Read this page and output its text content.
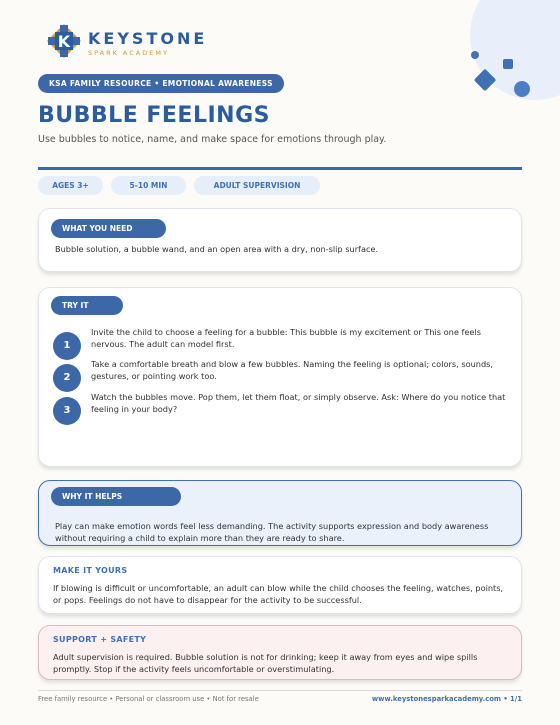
K KEYSTONE
SPARK ACADEMY
KSA FAMILY RESOURCE • EMOTIONAL AWARENESS
BUBBLE FEELINGS
Use bubbles to notice, name, and make space for emotions through play.
AGES 3+	5-10 MIN	ADULT SUPERVISION
WHAT YOU NEED
Bubble solution, a bubble wand, and an open area with a dry, non-slip surface.
TRY IT
1
Invite the child to choose a feeling for a bubble: This bubble is my excitement or This one feels nervous. The adult can model first.
2
Take a comfortable breath and blow a few bubbles. Naming the feeling is optional; colors, sounds, gestures, or pointing work too.
3
Watch the bubbles move. Pop them, let them float, or simply observe. Ask: Where do you notice that feeling in your body?
WHY IT HELPS
Play can make emotion words feel less demanding. The activity supports expression and body awareness without requiring a child to explain more than they are ready to share.
MAKE IT YOURS
If blowing is difficult or uncomfortable, an adult can blow while the child chooses the feeling, watches, points, or pops. Feelings do not have to disappear for the activity to be successful.
SUPPORT + SAFETY
Adult supervision is required. Bubble solution is not for drinking; keep it away from eyes and wipe spills promptly. Stop if the activity feels uncomfortable or overstimulating.
Free family resource • Personal or classroom use • Not for resale	www.keystonesparkacademy.com • 1/1
